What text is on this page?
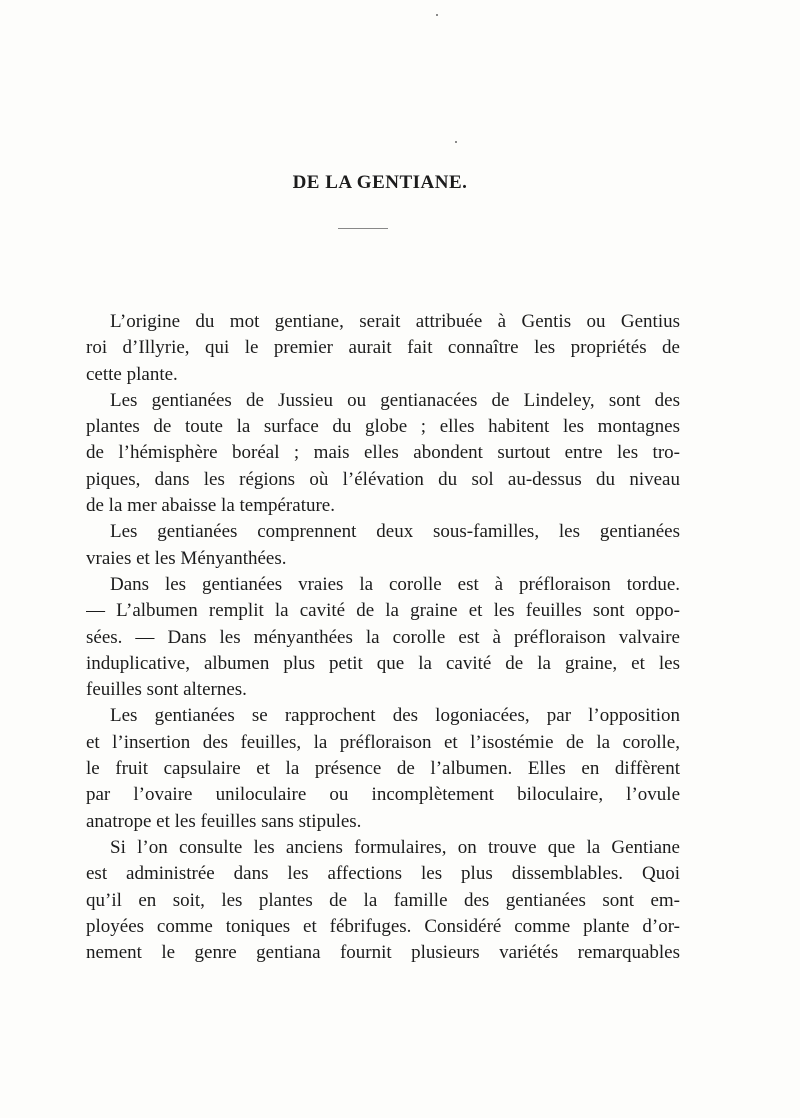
DE LA GENTIANE.
L’origine du mot gentiane, serait attribuée à Gentis ou Gentius
roi d’Illyrie, qui le premier aurait fait connaître les propriétés de
cette plante.
Les gentianées de Jussieu ou gentianacées de Lindeley, sont des
plantes de toute la surface du globe ; elles habitent les montagnes
de l’hémisphère boréal ; mais elles abondent surtout entre les tro-
piques, dans les régions où l’élévation du sol au-dessus du niveau
de la mer abaisse la température.
Les gentianées comprennent deux sous-familles, les gentianées
vraies et les Ményanthées.
Dans les gentianées vraies la corolle est à préfloraison tordue.
— L’albumen remplit la cavité de la graine et les feuilles sont oppo-
sées. — Dans les ményanthées la corolle est à préfloraison valvaire
induplicative, albumen plus petit que la cavité de la graine, et les
feuilles sont alternes.
Les gentianées se rapprochent des logoniacées, par l’opposition
et l’insertion des feuilles, la préfloraison et l’isostémie de la corolle,
le fruit capsulaire et la présence de l’albumen. Elles en diffèrent
par l’ovaire uniloculaire ou incomplètement biloculaire, l’ovule
anatrope et les feuilles sans stipules.
Si l’on consulte les anciens formulaires, on trouve que la Gentiane
est administrée dans les affections les plus dissemblables. Quoi
qu’il en soit, les plantes de la famille des gentianées sont em-
ployées comme toniques et fébrifuges. Considéré comme plante d’or-
nement le genre gentiana fournit plusieurs variétés remarquables
